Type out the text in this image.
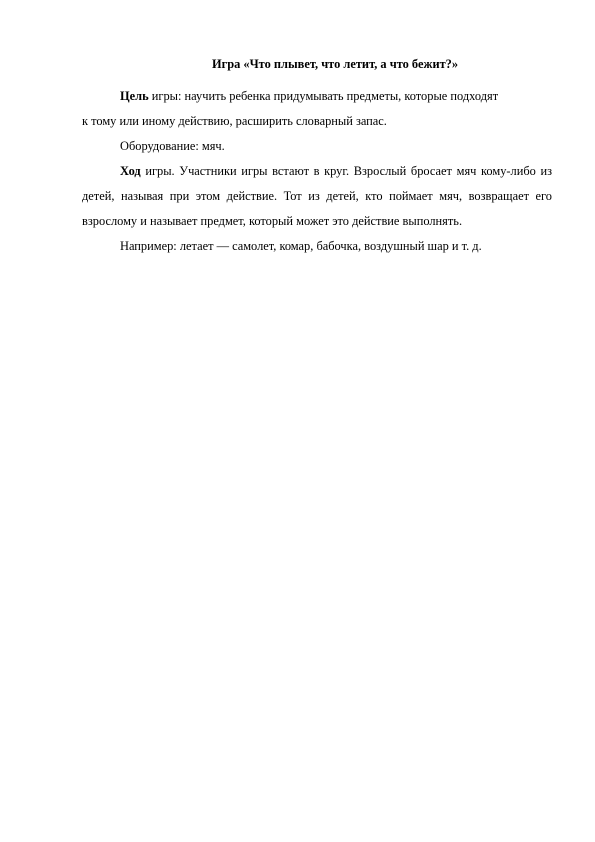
Игра «Что плывет, что летит, а что бежит?»

Цель игры: научить ребенка придумывать предметы, которые подходят
к тому или иному действию, расширить словарный запас.

Оборудование: мяч.

Ход игры. Участники игры встают в круг. Взрослый бросает мяч кому-либо из детей, называя при этом действие. Тот из детей, кто поймает мяч, возвращает его взрослому и называет предмет, который может это действие выполнять.

Например: летает — самолет, комар, бабочка, воздушный шар и т. д.
